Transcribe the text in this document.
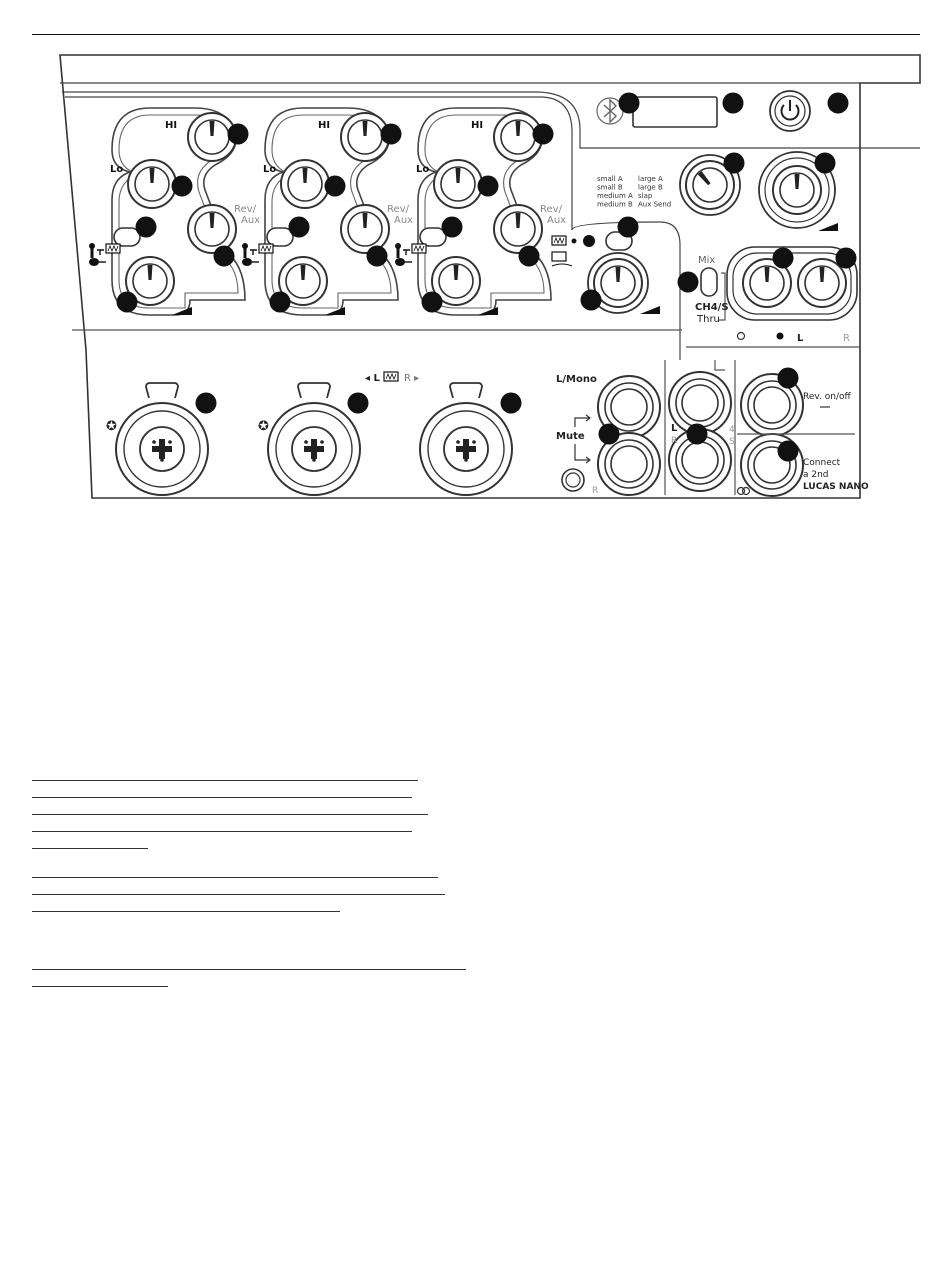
HI
Lo
Rev/
Aux
HI
Lo
Rev/
Aux
HI
Lo
Rev/
Aux
✪	✪
small A large A
small B large B
medium A slap
medium B Aux Send
Mix
CH4/S
Thru
L	R
◂ L R ▸	L/Mono
Mute
R
L
R
4
S
Rev. on/off
Connect
a 2nd
LUCAS NANO
